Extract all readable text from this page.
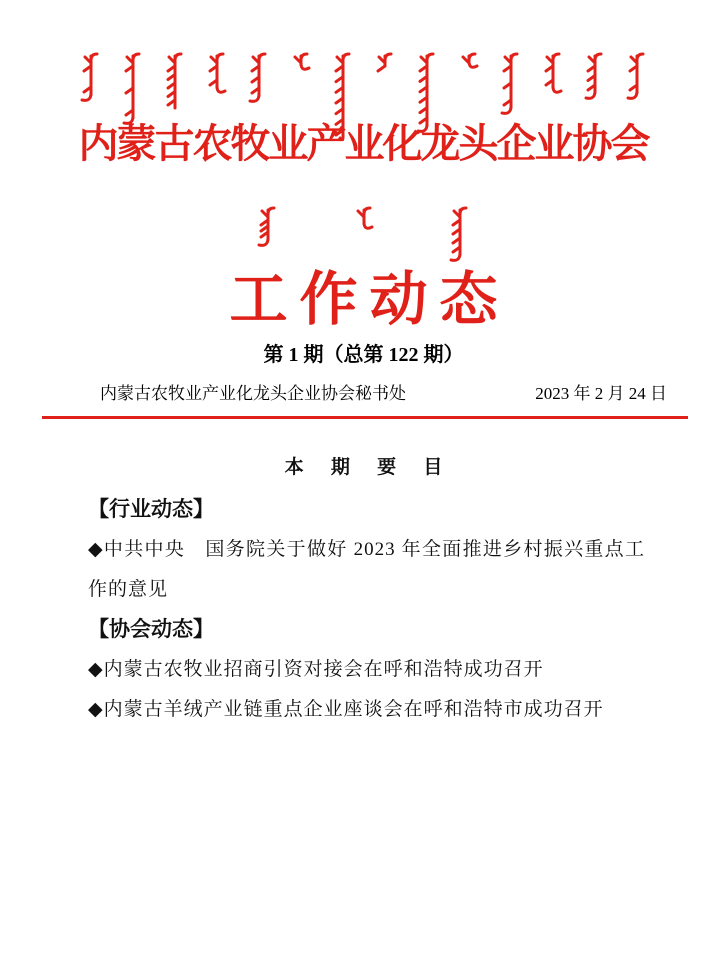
内蒙古农牧业产业化龙头企业协会
工作动态
第 1 期（总第 122 期）
内蒙古农牧业产业化龙头企业协会秘书处	2023 年 2 月 24 日
本 期 要 目
【行业动态】

◆中共中央　国务院关于做好 2023 年全面推进乡村振兴重点工作的意见

【协会动态】

◆内蒙古农牧业招商引资对接会在呼和浩特成功召开

◆内蒙古羊绒产业链重点企业座谈会在呼和浩特市成功召开
